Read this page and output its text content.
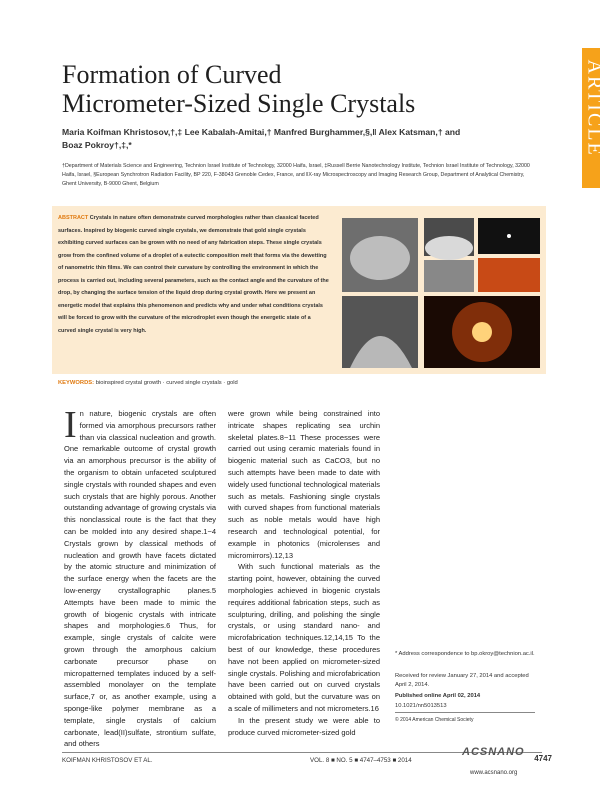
ARTICLE
Formation of Curved
Micrometer-Sized Single Crystals
Maria Koifman Khristosov,†,‡ Lee Kabalah-Amitai,† Manfred Burghammer,§,‖ Alex Katsman,† and
Boaz Pokroy†,‡,*
†Department of Materials Science and Engineering, Technion Israel Institute of Technology, 32000 Haifa, Israel, ‡Russell Berrie Nanotechnology Institute, Technion Israel Institute of Technology, 32000 Haifa, Israel, §European Synchrotron Radiation Facility, BP 220, F-38043 Grenoble Cedex, France, and ‖X-ray Microspectroscopy and Imaging Research Group, Department of Analytical Chemistry, Ghent University, B-9000 Ghent, Belgium
ABSTRACT Crystals in nature often demonstrate curved morphologies rather than classical faceted surfaces. Inspired by biogenic curved single crystals, we demonstrate that gold single crystals exhibiting curved surfaces can be grown with no need of any fabrication steps. These single crystals grow from the confined volume of a droplet of a eutectic composition melt that forms via the dewetting of nanometric thin films. We can control their curvature by controlling the environment in which the process is carried out, including several parameters, such as the contact angle and the curvature of the drop, by changing the surface tension of the liquid drop during crystal growth. Here we present an energetic model that explains this phenomenon and predicts why and under what conditions crystals will be forced to grow with the curvature of the microdroplet even though the energetic state of a curved single crystal is very high.
KEYWORDS: bioinspired crystal growth · curved single crystals · gold
I n nature, biogenic crystals are often formed via amorphous precursors rather than via classical nucleation and growth. One remarkable outcome of crystal growth via an amorphous precursor is the ability of the organism to obtain unfaceted sculptured single crystals with rounded shapes and even such crystals that are highly porous. Another outstanding advantage of growing crystals via this nonclassical route is the fact that they can be molded into any desired shape.1−4 Crystals grown by classical methods of nucleation and growth have facets dictated by the atomic structure and minimization of the surface energy when the facets are the low-energy crystallographic planes.5 Attempts have been made to mimic the growth of biogenic crystals with intricate shapes and morphologies.6 Thus, for example, single crystals of calcite were grown through the amorphous calcium carbonate precursor phase on micropatterned templates induced by a self-assembled monolayer on the template surface,7 or, as another example, using a sponge-like polymer membrane as a template, single crystals of calcium carbonate, lead(II)sulfate, strontium sulfate, and others
were grown while being constrained into intricate shapes replicating sea urchin skeletal plates.8−11 These processes were carried out using ceramic materials found in biogenic material such as CaCO3, but no such attempts have been made to date with widely used functional technological materials such as metals. Fashioning single crystals with curved shapes from functional materials such as noble metals would have high research and technological potential, for example in photonics (microlenses and micromirrors).12,13
With such functional materials as the starting point, however, obtaining the curved morphologies achieved in biogenic crystals requires additional fabrication steps, such as sculpturing, drilling, and polishing the single crystals, or using standard nano- and microfabrication techniques.12,14,15 To the best of our knowledge, these procedures have not been applied on micrometer-sized single crystals. Polishing and microfabrication have been carried out on curved crystals obtained with gold, but the curvature was on a scale of millimeters and not micrometers.16
In the present study we were able to produce curved micrometer-sized gold
* Address correspondence to bp.okroy@technion.ac.il.
Received for review January 27, 2014 and accepted April 2, 2014.
Published online April 02, 2014
10.1021/nn5013513
© 2014 American Chemical Society
KOIFMAN KHRISTOSOV ET AL.	VOL. 8 ■ NO. 5 ■ 4747–4753 ■ 2014
ACSNANO
4747
www.acsnano.org
